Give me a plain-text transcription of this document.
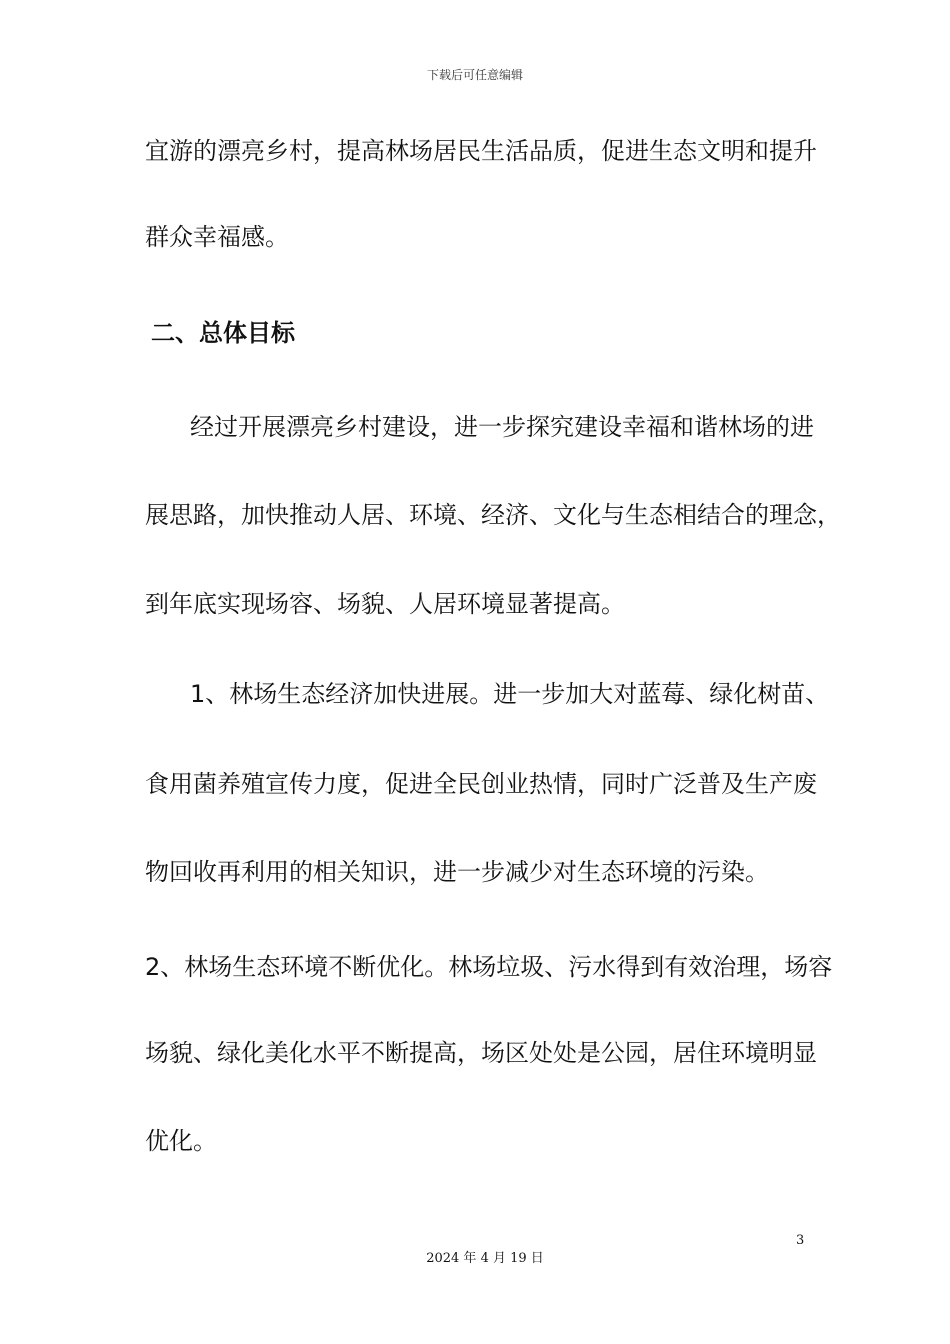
下载后可任意编辑
宜游的漂亮乡村，提高林场居民生活品质，促进生态文明和提升
群众幸福感。
二、总体目标
经过开展漂亮乡村建设，进一步探究建设幸福和谐林场的进
展思路，加快推动人居、环境、经济、文化与生态相结合的理念，
到年底实现场容、场貌、人居环境显著提高。
1、林场生态经济加快进展。进一步加大对蓝莓、绿化树苗、
食用菌养殖宣传力度，促进全民创业热情，同时广泛普及生产废
物回收再利用的相关知识，进一步减少对生态环境的污染。
2、林场生态环境不断优化。林场垃圾、污水得到有效治理，场容
场貌、绿化美化水平不断提高，场区处处是公园，居住环境明显
优化。
3
2024 年 4 月 19 日
